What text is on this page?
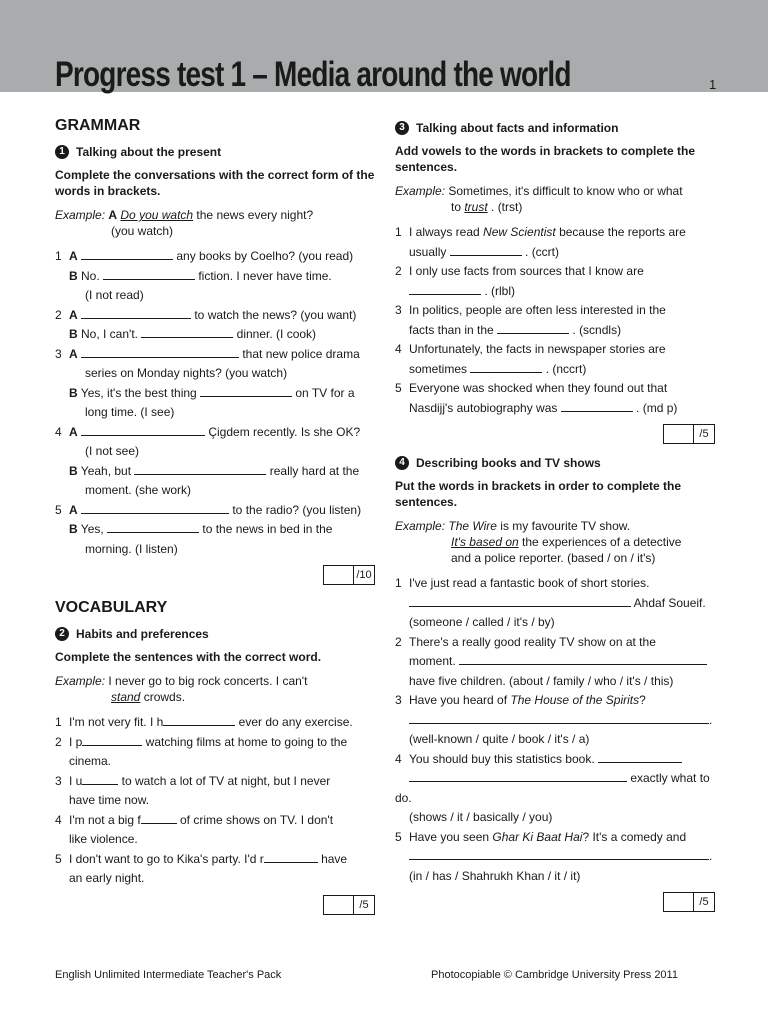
Progress test 1 – Media around the world	1
GRAMMAR
1 Talking about the present
Complete the conversations with the correct form of the words in brackets.
Example: A Do you watch the news every night?
(you watch)
1 A	any books by Coelho? (you read)
B No.	fiction. I never have time.
(I not read)
2 A	to watch the news? (you want)
B No, I can't.	dinner. (I cook)
3 A	that new police drama
series on Monday nights? (you watch)
B Yes, it's the best thing	on TV for a
long time. (I see)
4 A	Çigdem recently. Is she OK?
(I not see)
B Yeah, but	really hard at the
moment. (she work)
5 A	to the radio? (you listen)
B Yes,	to the news in bed in the
morning. (I listen)
/10
VOCABULARY
2 Habits and preferences
Complete the sentences with the correct word.
Example: I never go to big rock concerts. I can't
stand crowds.
1 I'm not very fit. I h	ever do any exercise.
2 I p	watching films at home to going to the
cinema.
3 I u	to watch a lot of TV at night, but I never
have time now.
4 I'm not a big f	of crime shows on TV. I don't
like violence.
5 I don't want to go to Kika's party. I'd r	have
an early night.
/5
3 Talking about facts and information
Add vowels to the words in brackets to complete the sentences.
Example: Sometimes, it's difficult to know who or what
to trust . (trst)
1 I always read New Scientist because the reports are
usually	. (ccrt)
2 I only use facts from sources that I know are
. (rlbl)
3 In politics, people are often less interested in the
facts than in the	. (scndls)
4 Unfortunately, the facts in newspaper stories are
sometimes	. (nccrt)
5 Everyone was shocked when they found out that
Nasdijj's autobiography was	. (md p)
/5
4 Describing books and TV shows
Put the words in brackets in order to complete the sentences.
Example: The Wire is my favourite TV show.
It's based on the experiences of a detective
and a police reporter. (based / on / it's)
1 I've just read a fantastic book of short stories.
Ahdaf Soueif.
(someone / called / it's / by)
2 There's a really good reality TV show on at the
moment.
have five children. (about / family / who / it's / this)
3 Have you heard of The House of the Spirits?
.
(well-known / quite / book / it's / a)
4 You should buy this statistics book.
exactly what to do.
(shows / it / basically / you)
5 Have you seen Ghar Ki Baat Hai? It's a comedy and
.
(in / has / Shahrukh Khan / it / it)
/5
English Unlimited Intermediate Teacher's Pack	Photocopiable © Cambridge University Press 2011
